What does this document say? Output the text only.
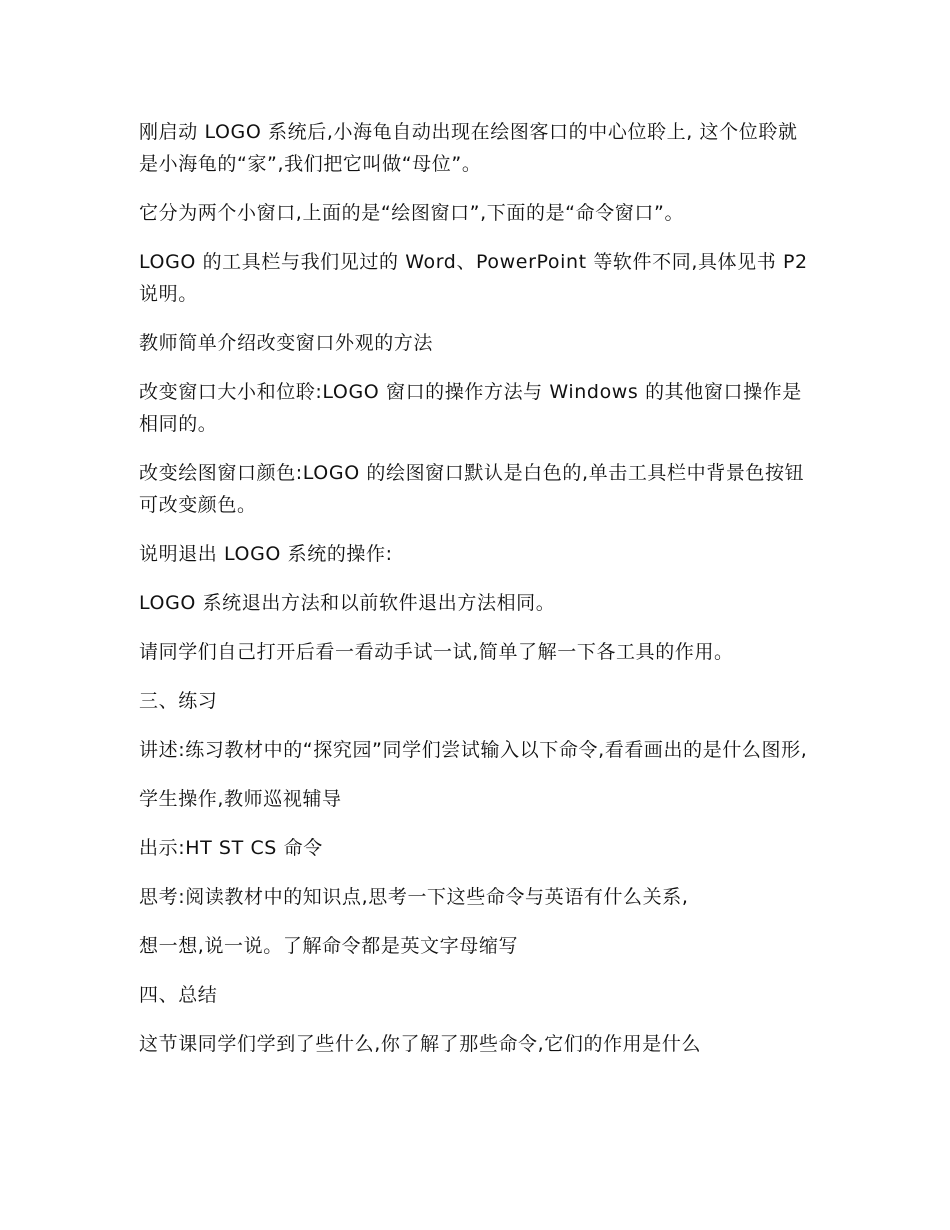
刚启动 LOGO 系统后,小海龟自动出现在绘图客口的中心位聆上, 这个位聆就是小海龟的“家”,我们把它叫做“母位”。

它分为两个小窗口,上面的是“绘图窗口”,下面的是“命令窗口”。

LOGO 的工具栏与我们见过的 Word、PowerPoint 等软件不同,具体见书 P2 说明。

教师简单介绍改变窗口外观的方法

改变窗口大小和位聆:LOGO 窗口的操作方法与 Windows 的其他窗口操作是相同的。

改变绘图窗口颜色:LOGO 的绘图窗口默认是白色的,单击工具栏中背景色按钮可改变颜色。

说明退出 LOGO 系统的操作:

LOGO 系统退出方法和以前软件退出方法相同。

请同学们自己打开后看一看动手试一试,简单了解一下各工具的作用。

三、练习

讲述:练习教材中的“探究园”同学们尝试输入以下命令,看看画出的是什么图形,

学生操作,教师巡视辅导

出示:HT ST CS 命令

思考:阅读教材中的知识点,思考一下这些命令与英语有什么关系,

想一想,说一说。了解命令都是英文字母缩写

四、总结

这节课同学们学到了些什么,你了解了那些命令,它们的作用是什么
